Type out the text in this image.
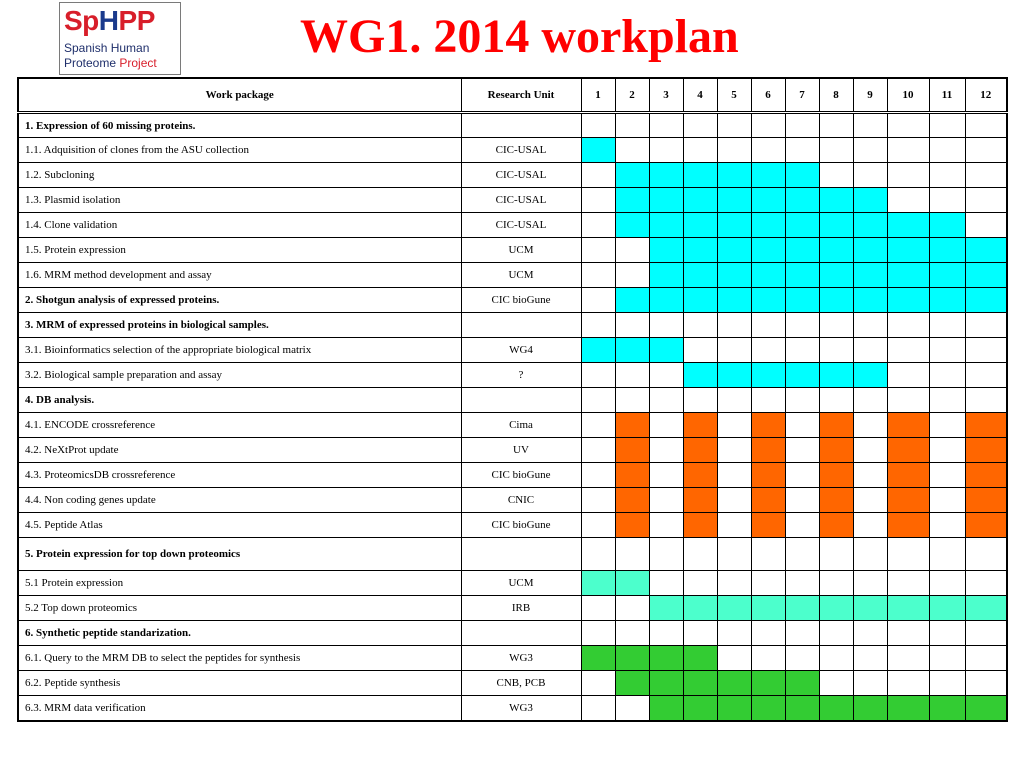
SpHPP
Spanish Human
Proteome Project	WG1. 2014 workplan
Work package	Research Unit	1	2	3	4	5	6	7	8	9	10	11	12
1. Expression of 60 missing proteins.													
1.1. Adquisition of clones from the ASU collection	CIC-USAL												
1.2. Subcloning	CIC-USAL												
1.3. Plasmid isolation	CIC-USAL												
1.4. Clone validation	CIC-USAL												
1.5. Protein expression	UCM												
1.6. MRM method development and assay	UCM												
2. Shotgun analysis of expressed proteins.	CIC bioGune												
3. MRM of expressed proteins in biological samples.													
3.1. Bioinformatics selection of the appropriate biological matrix	WG4												
3.2. Biological sample preparation and assay	?												
4. DB analysis.													
4.1. ENCODE crossreference	Cima												
4.2. NeXtProt update	UV												
4.3. ProteomicsDB crossreference	CIC bioGune												
4.4. Non coding genes update	CNIC												
4.5. Peptide Atlas	CIC bioGune												
5. Protein expression for top down proteomics													
5.1 Protein expression	UCM												
5.2 Top down proteomics	IRB												
6. Synthetic peptide standarization.													
6.1. Query to the MRM DB to select the peptides for synthesis	WG3												
6.2. Peptide synthesis	CNB, PCB												
6.3. MRM data verification	WG3												
